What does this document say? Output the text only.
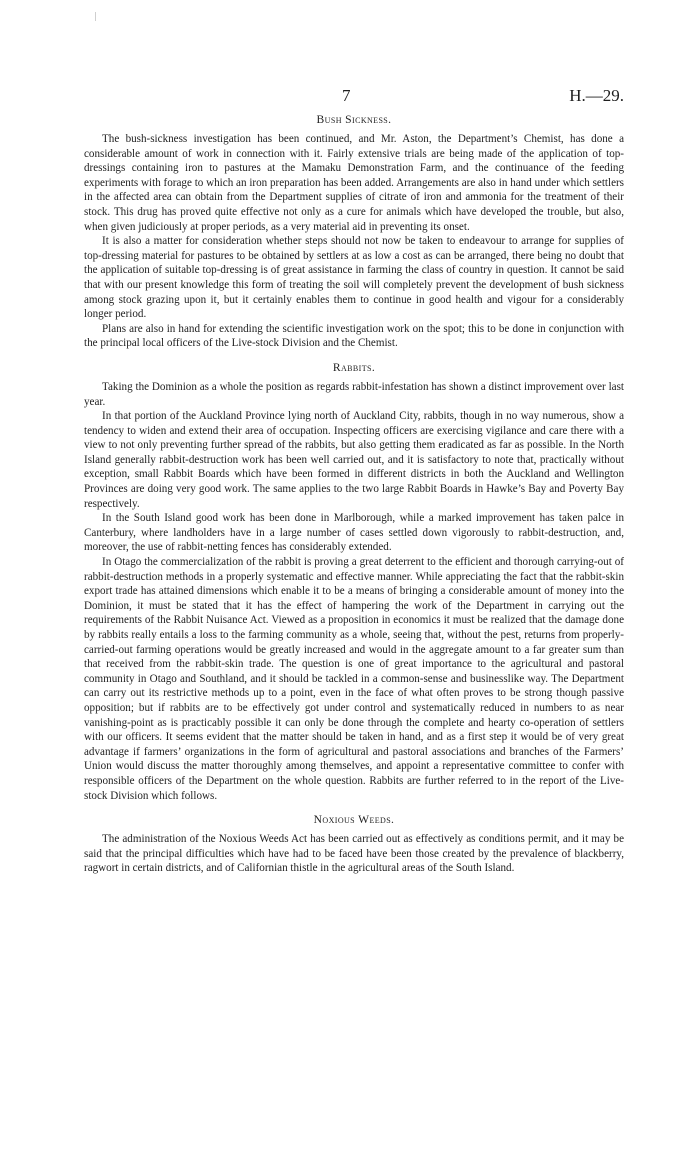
7	H.—29.
Bush Sickness.

The bush-sickness investigation has been continued, and Mr. Aston, the Department’s Chemist, has done a considerable amount of work in connection with it. Fairly extensive trials are being made of the application of top-dressings containing iron to pastures at the Mamaku Demonstration Farm, and the continuance of the feeding experiments with forage to which an iron preparation has been added. Arrangements are also in hand under which settlers in the affected area can obtain from the Department supplies of citrate of iron and ammonia for the treatment of their stock. This drug has proved quite effective not only as a cure for animals which have developed the trouble, but also, when given judiciously at proper periods, as a very material aid in preventing its onset.

It is also a matter for consideration whether steps should not now be taken to endeavour to arrange for supplies of top-dressing material for pastures to be obtained by settlers at as low a cost as can be arranged, there being no doubt that the application of suitable top-dressing is of great assistance in farming the class of country in question. It cannot be said that with our present knowledge this form of treating the soil will completely prevent the development of bush sickness among stock grazing upon it, but it certainly enables them to continue in good health and vigour for a considerably longer period.

Plans are also in hand for extending the scientific investigation work on the spot; this to be done in conjunction with the principal local officers of the Live-stock Division and the Chemist.

Rabbits.

Taking the Dominion as a whole the position as regards rabbit-infestation has shown a distinct improvement over last year.

In that portion of the Auckland Province lying north of Auckland City, rabbits, though in no way numerous, show a tendency to widen and extend their area of occupation. Inspecting officers are exercising vigilance and care there with a view to not only preventing further spread of the rabbits, but also getting them eradicated as far as possible. In the North Island generally rabbit-destruction work has been well carried out, and it is satisfactory to note that, practically without exception, small Rabbit Boards which have been formed in different districts in both the Auckland and Wellington Provinces are doing very good work. The same applies to the two large Rabbit Boards in Hawke’s Bay and Poverty Bay respectively.

In the South Island good work has been done in Marlborough, while a marked improvement has taken palce in Canterbury, where landholders have in a large number of cases settled down vigorously to rabbit-destruction, and, moreover, the use of rabbit-netting fences has considerably extended.

In Otago the commercialization of the rabbit is proving a great deterrent to the efficient and thorough carrying-out of rabbit-destruction methods in a properly systematic and effective manner. While appreciating the fact that the rabbit-skin export trade has attained dimensions which enable it to be a means of bringing a considerable amount of money into the Dominion, it must be stated that it has the effect of hampering the work of the Department in carrying out the requirements of the Rabbit Nuisance Act. Viewed as a proposition in economics it must be realized that the damage done by rabbits really entails a loss to the farming community as a whole, seeing that, without the pest, returns from properly-carried-out farming operations would be greatly increased and would in the aggregate amount to a far greater sum than that received from the rabbit-skin trade. The question is one of great importance to the agricultural and pastoral community in Otago and Southland, and it should be tackled in a common-sense and businesslike way. The Department can carry out its restrictive methods up to a point, even in the face of what often proves to be strong though passive opposition; but if rabbits are to be effectively got under control and systematically reduced in numbers to as near vanishing-point as is practicably possible it can only be done through the complete and hearty co-operation of settlers with our officers. It seems evident that the matter should be taken in hand, and as a first step it would be of very great advantage if farmers’ organizations in the form of agricultural and pastoral associations and branches of the Farmers’ Union would discuss the matter thoroughly among themselves, and appoint a representative committee to confer with responsible officers of the Department on the whole question. Rabbits are further referred to in the report of the Live-stock Division which follows.

Noxious Weeds.

The administration of the Noxious Weeds Act has been carried out as effectively as conditions permit, and it may be said that the principal difficulties which have had to be faced have been those created by the prevalence of blackberry, ragwort in certain districts, and of Californian thistle in the agricultural areas of the South Island.
